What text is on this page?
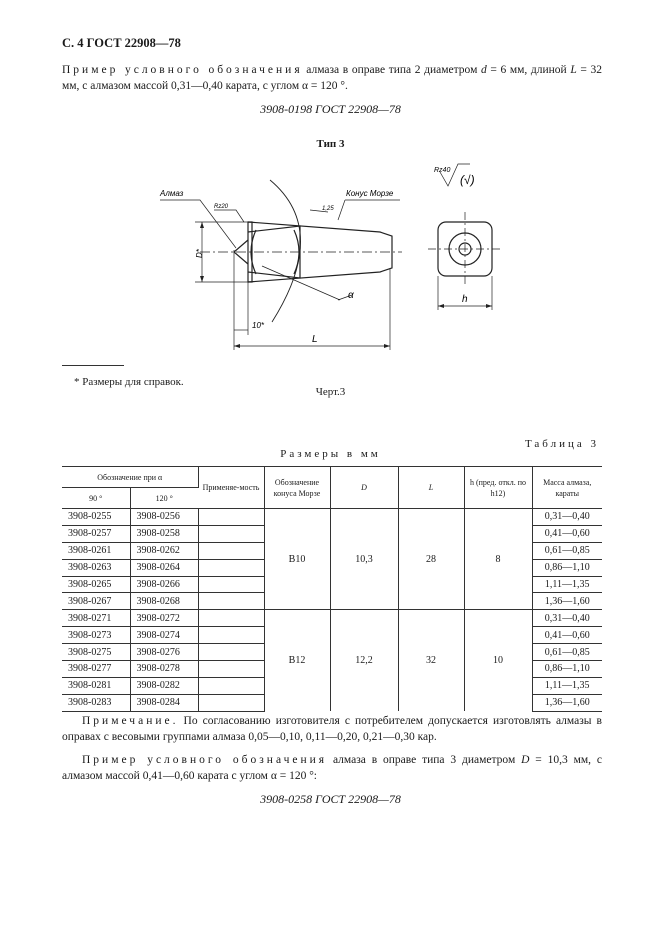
С. 4 ГОСТ 22908—78
Пример условного обозначения алмаза в оправе типа 2 диаметром d = 6 мм, длиной L = 32 мм, с алмазом массой 0,31—0,40 карата, с углом α = 120 °.
3908-0198 ГОСТ 22908—78
Тип 3
Алмаз
Rz20
Конус Морзе
1,25
Rz40
(√)
D*
α
10*
L
h
* Размеры для справок.
Черт.3
Таблица 3
Размеры в мм
Обозначение при α		Применяе-мость	Обозначение конуса Морзе	D	L	h (пред. откл. по h12)	Масса алмаза, караты
90 °	120 °						
3908-0255	3908-0256		В10	10,3	28	8	0,31—0,40
3908-0257	3908-0258						0,41—0,60
3908-0261	3908-0262						0,61—0,85
3908-0263	3908-0264						0,86—1,10
3908-0265	3908-0266						1,11—1,35
3908-0267	3908-0268						1,36—1,60
3908-0271	3908-0272		В12	12,2	32	10	0,31—0,40
3908-0273	3908-0274						0,41—0,60
3908-0275	3908-0276						0,61—0,85
3908-0277	3908-0278						0,86—1,10
3908-0281	3908-0282						1,11—1,35
3908-0283	3908-0284						1,36—1,60
Примечание. По согласованию изготовителя с потребителем допускается изготовлять алмазы в оправах с весовыми группами алмаза 0,05—0,10, 0,11—0,20, 0,21—0,30 кар.
Пример условного обозначения алмаза в оправе типа 3 диаметром D = 10,3 мм, с алмазом массой 0,41—0,60 карата с углом α = 120 °:
3908-0258 ГОСТ 22908—78
